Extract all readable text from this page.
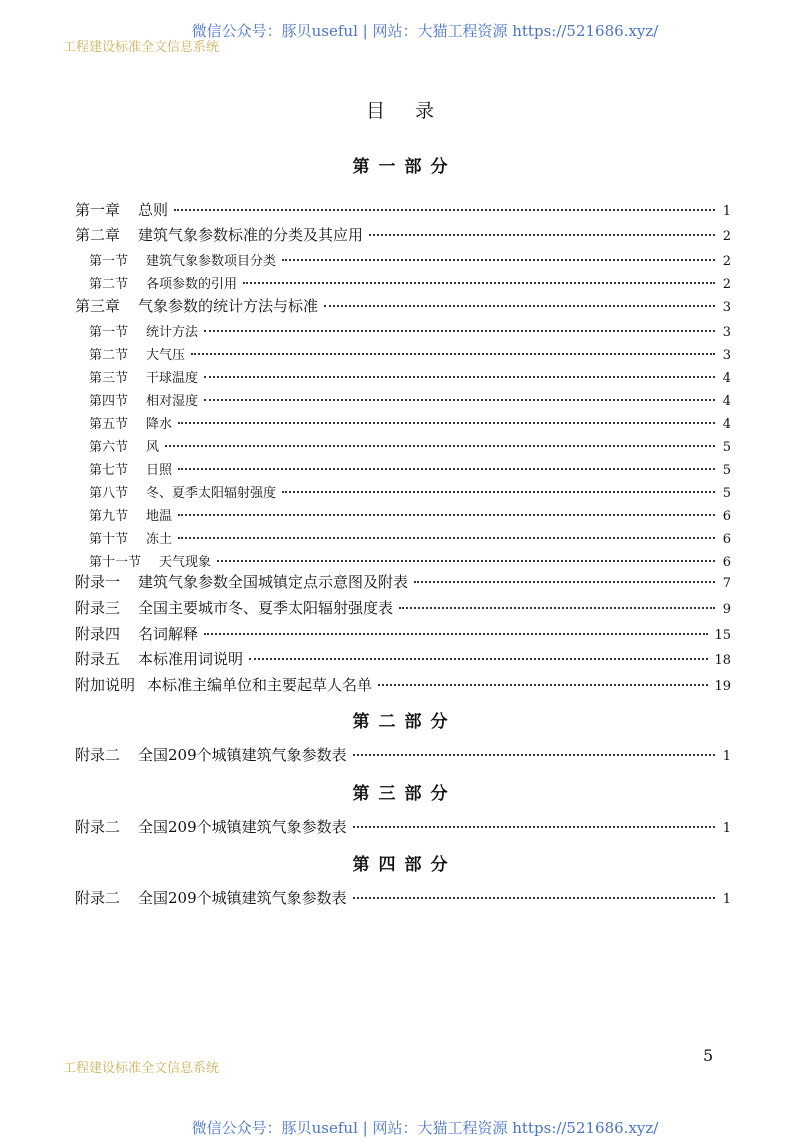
微信公众号：豚贝useful | 网站：大猫工程资源 https://521686.xyz/
工程建设标准全文信息系统
目录
第一部分
第一章 总则	1
第二章 建筑气象参数标准的分类及其应用	2
第一节 建筑气象参数项目分类	2
第二节 各项参数的引用	2
第三章 气象参数的统计方法与标准	3
第一节 统计方法	3
第二节 大气压	3
第三节 干球温度	4
第四节 相对湿度	4
第五节 降水	4
第六节 风	5
第七节 日照	5
第八节 冬、夏季太阳辐射强度	5
第九节 地温	6
第十节 冻土	6
第十一节 天气现象	6
附录一 建筑气象参数全国城镇定点示意图及附表	7
附录三 全国主要城市冬、夏季太阳辐射强度表	9
附录四 名词解释	15
附录五 本标准用词说明	18
附加说明 本标准主编单位和主要起草人名单	19
第二部分
附录二 全国209个城镇建筑气象参数表	1
第三部分
附录二 全国209个城镇建筑气象参数表	1
第四部分
附录二 全国209个城镇建筑气象参数表	1
工程建设标准全文信息系统
5
微信公众号：豚贝useful | 网站：大猫工程资源 https://521686.xyz/
